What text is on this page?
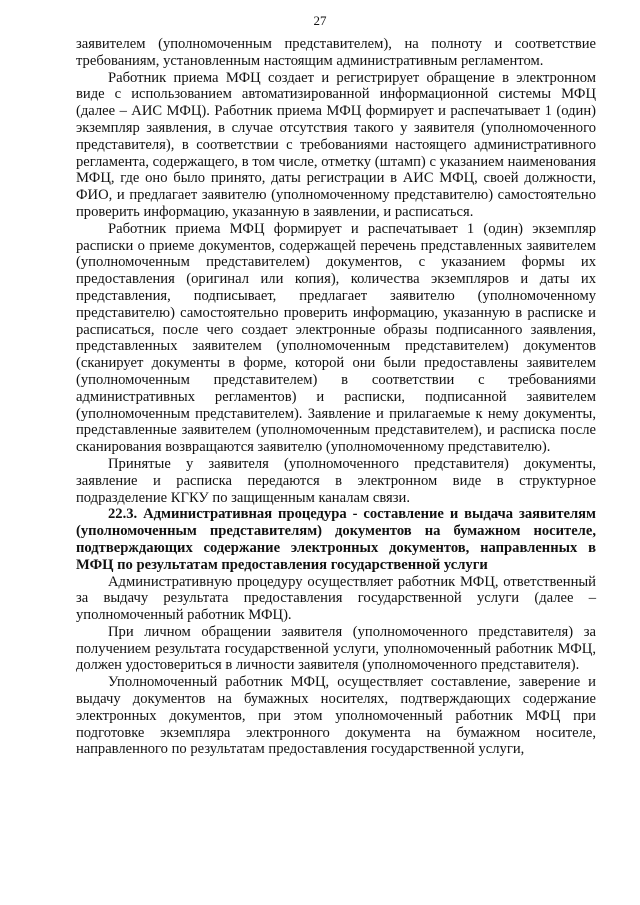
27

заявителем (уполномоченным представителем), на полноту и соответствие требованиям, установленным настоящим административным регламентом.

Работник приема МФЦ создает и регистрирует обращение в электронном виде с использованием автоматизированной информационной системы МФЦ (далее – АИС МФЦ). Работник приема МФЦ формирует и распечатывает 1 (один) экземпляр заявления, в случае отсутствия такого у заявителя (уполномоченного представителя), в соответствии с требованиями настоящего административного регламента, содержащего, в том числе, отметку (штамп) с указанием наименования МФЦ, где оно было принято, даты регистрации в АИС МФЦ, своей должности, ФИО, и предлагает заявителю (уполномоченному представителю) самостоятельно проверить информацию, указанную в заявлении, и расписаться.

Работник приема МФЦ формирует и распечатывает 1 (один) экземпляр расписки о приеме документов, содержащей перечень представленных заявителем (уполномоченным представителем) документов, с указанием формы их предоставления (оригинал или копия), количества экземпляров и даты их представления, подписывает, предлагает заявителю (уполномоченному представителю) самостоятельно проверить информацию, указанную в расписке и расписаться, после чего создает электронные образы подписанного заявления, представленных заявителем (уполномоченным представителем) документов (сканирует документы в форме, которой они были предоставлены заявителем (уполномоченным представителем) в соответствии с требованиями административных регламентов) и расписки, подписанной заявителем (уполномоченным представителем). Заявление и прилагаемые к нему документы, представленные заявителем (уполномоченным представителем), и расписка после сканирования возвращаются заявителю (уполномоченному представителю).

Принятые у заявителя (уполномоченного представителя) документы, заявление и расписка передаются в электронном виде в структурное подразделение КГКУ по защищенным каналам связи.

22.3. Административная процедура - составление и выдача заявителям (уполномоченным представителям) документов на бумажном носителе, подтверждающих содержание электронных документов, направленных в МФЦ по результатам предоставления государственной услуги

Административную процедуру осуществляет работник МФЦ, ответственный за выдачу результата предоставления государственной услуги (далее – уполномоченный работник МФЦ).

При личном обращении заявителя (уполномоченного представителя) за получением результата государственной услуги, уполномоченный работник МФЦ, должен удостовериться в личности заявителя (уполномоченного представителя).

Уполномоченный работник МФЦ, осуществляет составление, заверение и выдачу документов на бумажных носителях, подтверждающих содержание электронных документов, при этом уполномоченный работник МФЦ при подготовке экземпляра электронного документа на бумажном носителе, направленного по результатам предоставления государственной услуги,
